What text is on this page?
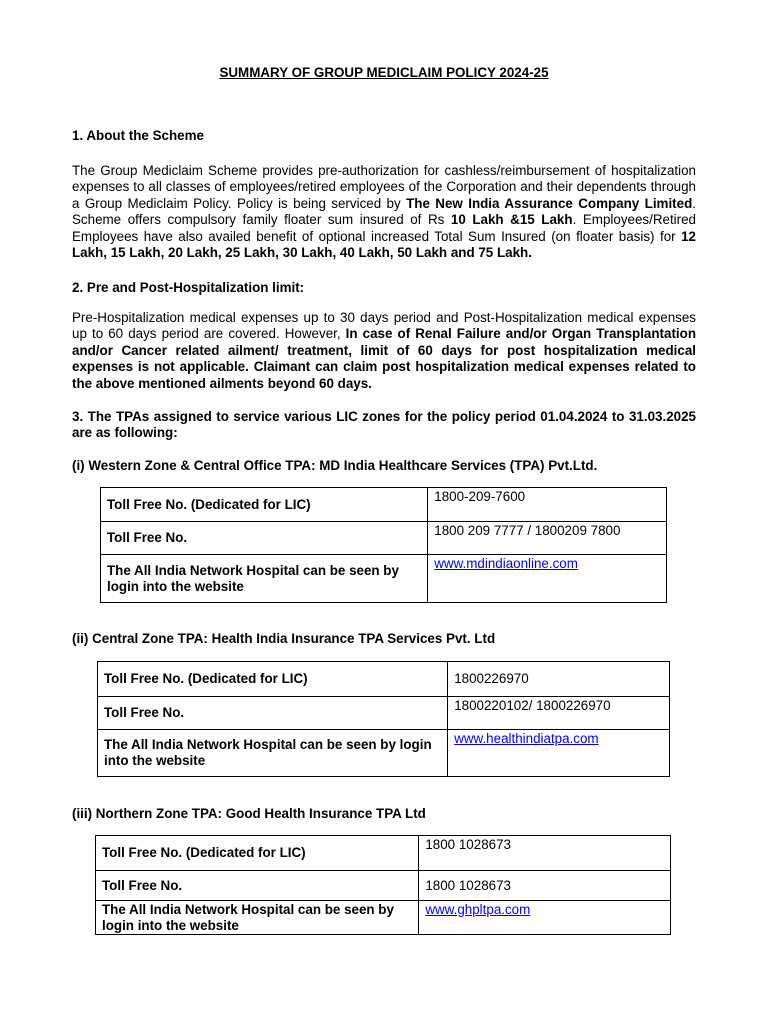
SUMMARY OF GROUP MEDICLAIM POLICY 2024-25

1. About the Scheme

The Group Mediclaim Scheme provides pre-authorization for cashless/reimbursement of hospitalization expenses to all classes of employees/retired employees of the Corporation and their dependents through a Group Mediclaim Policy. Policy is being serviced by The New India Assurance Company Limited. Scheme offers compulsory family floater sum insured of Rs 10 Lakh &15 Lakh. Employees/Retired Employees have also availed benefit of optional increased Total Sum Insured (on floater basis) for 12 Lakh, 15 Lakh, 20 Lakh, 25 Lakh, 30 Lakh, 40 Lakh, 50 Lakh and 75 Lakh.

2. Pre and Post-Hospitalization limit:

Pre-Hospitalization medical expenses up to 30 days period and Post-Hospitalization medical expenses up to 60 days period are covered. However, In case of Renal Failure and/or Organ Transplantation and/or Cancer related ailment/ treatment, limit of 60 days for post hospitalization medical expenses is not applicable. Claimant can claim post hospitalization medical expenses related to the above mentioned ailments beyond 60 days.

3. The TPAs assigned to service various LIC zones for the policy period 01.04.2024 to 31.03.2025 are as following:

(i) Western Zone & Central Office TPA: MD India Healthcare Services (TPA) Pvt.Ltd.

Toll Free No. (Dedicated for LIC)	1800-209-7600
Toll Free No.	1800 209 7777 / 1800209 7800
The All India Network Hospital can be seen by login into the website	www.mdindiaonline.com

(ii) Central Zone TPA: Health India Insurance TPA Services Pvt. Ltd

Toll Free No. (Dedicated for LIC)	1800226970
Toll Free No.	1800220102/ 1800226970
The All India Network Hospital can be seen by login into the website	www.healthindiatpa.com

(iii) Northern Zone TPA: Good Health Insurance TPA Ltd

Toll Free No. (Dedicated for LIC)	1800 1028673
Toll Free No.	1800 1028673
The All India Network Hospital can be seen by login into the website	www.ghpltpa.com
